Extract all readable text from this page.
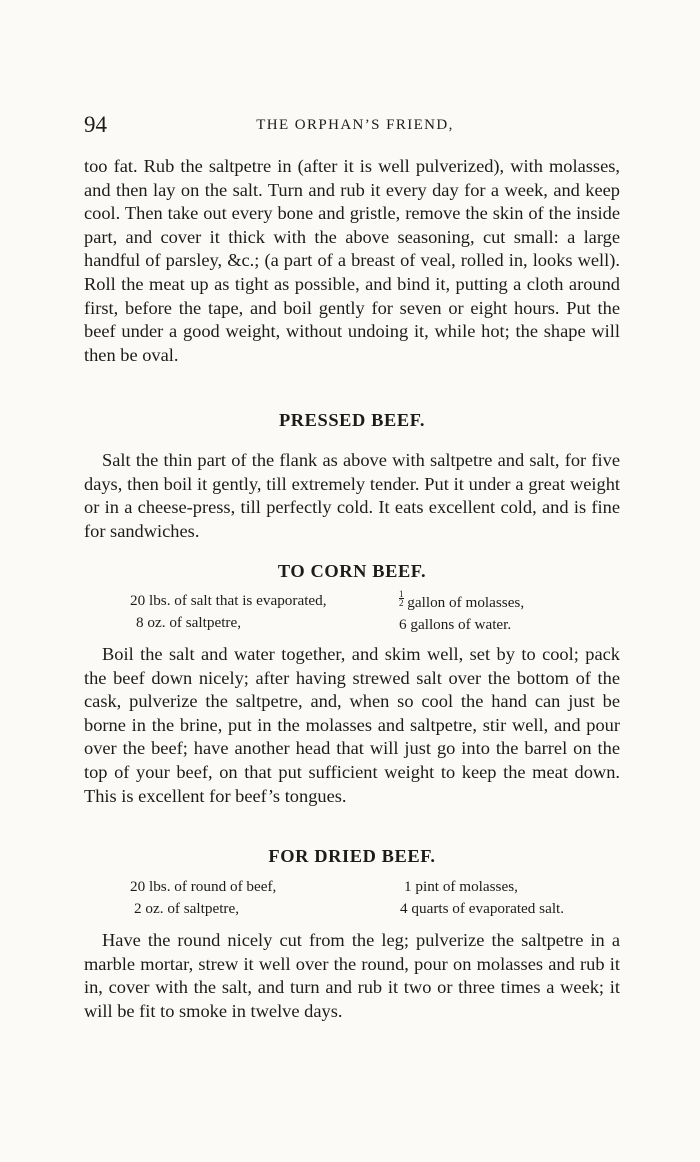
94	THE ORPHAN’S FRIEND,

too fat. Rub the saltpetre in (after it is well pulverized), with molasses, and then lay on the salt. Turn and rub it every day for a week, and keep cool. Then take out every bone and gristle, remove the skin of the inside part, and cover it thick with the above seasoning, cut small: a large handful of parsley, &c.; (a part of a breast of veal, rolled in, looks well). Roll the meat up as tight as possible, and bind it, putting a cloth around first, before the tape, and boil gently for seven or eight hours. Put the beef under a good weight, without undoing it, while hot; the shape will then be oval.

PRESSED BEEF.

Salt the thin part of the flank as above with saltpetre and salt, for five days, then boil it gently, till extremely tender. Put it under a great weight or in a cheese-press, till perfectly cold. It eats excellent cold, and is fine for sandwiches.

TO CORN BEEF.
20 lbs. of salt that is evaporated,
8 oz. of saltpetre,
$\frac{1}{2}$ gallon of molasses,
6 gallons of water.

Boil the salt and water together, and skim well, set by to cool; pack the beef down nicely; after having strewed salt over the bottom of the cask, pulverize the saltpetre, and, when so cool the hand can just be borne in the brine, put in the molasses and saltpetre, stir well, and pour over the beef; have another head that will just go into the barrel on the top of your beef, on that put sufficient weight to keep the meat down. This is excellent for beef’s tongues.

FOR DRIED BEEF.
20 lbs. of round of beef,
2 oz. of saltpetre,
1 pint of molasses,
4 quarts of evaporated salt.

Have the round nicely cut from the leg; pulverize the saltpetre in a marble mortar, strew it well over the round, pour on molasses and rub it in, cover with the salt, and turn and rub it two or three times a week; it will be fit to smoke in twelve days.
